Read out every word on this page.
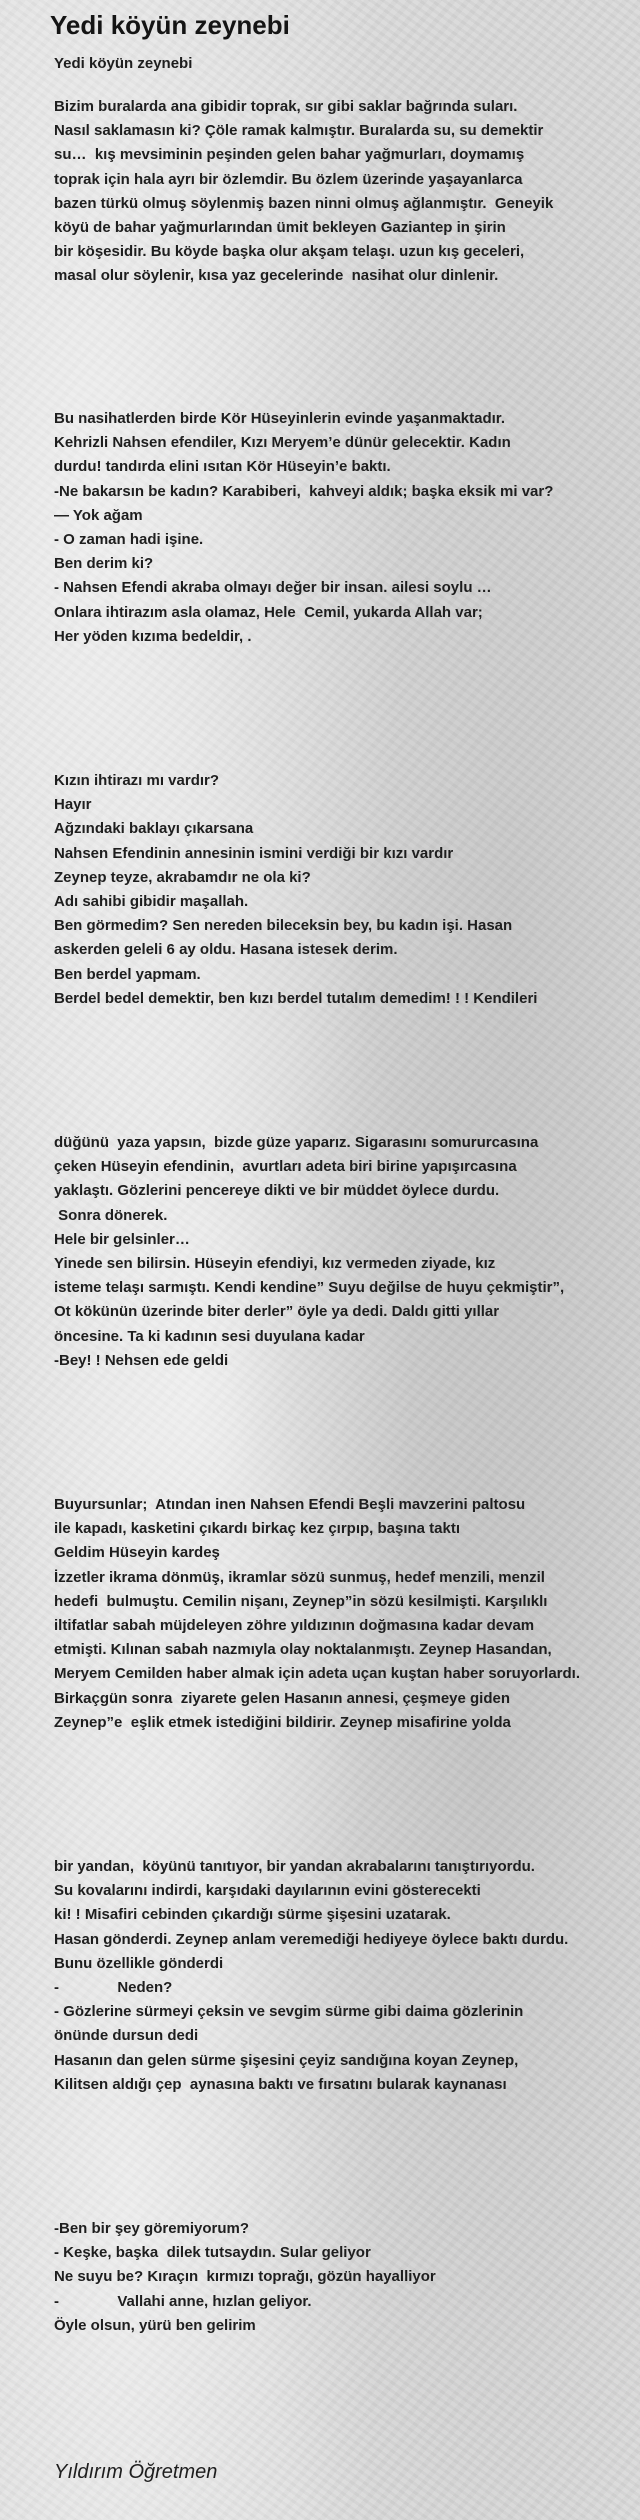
Yedi köyün zeynebi
Yedi köyün zeynebi
Bizim buralarda ana gibidir toprak, sır gibi saklar bağrında suları.
Nasıl saklamasın ki? Çöle ramak kalmıştır. Buralarda su, su demektir
su…  kış mevsiminin peşinden gelen bahar yağmurları, doymamış
toprak için hala ayrı bir özlemdir. Bu özlem üzerinde yaşayanlarca
bazen türkü olmuş söylenmiş bazen ninni olmuş ağlanmıştır.  Geneyik
köyü de bahar yağmurlarından ümit bekleyen Gaziantep in şirin
bir köşesidir. Bu köyde başka olur akşam telaşı. uzun kış geceleri,
masal olur söylenir, kısa yaz gecelerinde  nasihat olur dinlenir.
Bu nasihatlerden birde Kör Hüseyinlerin evinde yaşanmaktadır.
Kehrizli Nahsen efendiler, Kızı Meryem’e dünür gelecektir. Kadın
durdu! tandırda elini ısıtan Kör Hüseyin’e baktı.
-Ne bakarsın be kadın? Karabiberi,  kahveyi aldık; başka eksik mi var?
— Yok ağam
- O zaman hadi işine.
Ben derim ki?
- Nahsen Efendi akraba olmayı değer bir insan. ailesi soylu …
Onlara ihtirazım asla olamaz, Hele  Cemil, yukarda Allah var;
Her yöden kızıma bedeldir, .
Kızın ihtirazı mı vardır?
Hayır
Ağzındaki baklayı çıkarsana
Nahsen Efendinin annesinin ismini verdiği bir kızı vardır
Zeynep teyze, akrabamdır ne ola ki?
Adı sahibi gibidir maşallah.
Ben görmedim? Sen nereden bileceksin bey, bu kadın işi. Hasan
askerden geleli 6 ay oldu. Hasana istesek derim.
Ben berdel yapmam.
Berdel bedel demektir, ben kızı berdel tutalım demedim! ! ! Kendileri
düğünü  yaza yapsın,  bizde güze yaparız. Sigarasını somururcasına
çeken Hüseyin efendinin,  avurtları adeta biri birine yapışırcasına
yaklaştı. Gözlerini pencereye dikti ve bir müddet öylece durdu.
Sonra dönerek.
Hele bir gelsinler…
Yinede sen bilirsin. Hüseyin efendiyi, kız vermeden ziyade, kız
isteme telaşı sarmıştı. Kendi kendine” Suyu değilse de huyu çekmiştir”,
Ot kökünün üzerinde biter derler” öyle ya dedi. Daldı gitti yıllar
öncesine. Ta ki kadının sesi duyulana kadar
-Bey! ! Nehsen ede geldi
Buyursunlar;  Atından inen Nahsen Efendi Beşli mavzerini paltosu
ile kapadı, kasketini çıkardı birkaç kez çırpıp, başına taktı
Geldim Hüseyin kardeş
İzzetler ikrama dönmüş, ikramlar sözü sunmuş, hedef menzili, menzil
hedefi  bulmuştu. Cemilin nişanı, Zeynep”in sözü kesilmişti. Karşılıklı
iltifatlar sabah müjdeleyen zöhre yıldızının doğmasına kadar devam
etmişti. Kılınan sabah nazmıyla olay noktalanmıştı. Zeynep Hasandan,
Meryem Cemilden haber almak için adeta uçan kuştan haber soruyorlardı.
Birkaçgün sonra  ziyarete gelen Hasanın annesi, çeşmeye giden
Zeynep”e  eşlik etmek istediğini bildirir. Zeynep misafirine yolda
bir yandan,  köyünü tanıtıyor, bir yandan akrabalarını tanıştırıyordu.
Su kovalarını indirdi, karşıdaki dayılarının evini gösterecekti
ki! ! Misafiri cebinden çıkardığı sürme şişesini uzatarak.
Hasan gönderdi. Zeynep anlam veremediği hediyeye öylece baktı durdu.
Bunu özellikle gönderdi
-              Neden?
- Gözlerine sürmeyi çeksin ve sevgim sürme gibi daima gözlerinin
önünde dursun dedi
Hasanın dan gelen sürme şişesini çeyiz sandığına koyan Zeynep,
Kilitsen aldığı çep  aynasına baktı ve fırsatını bularak kaynanası
-Ben bir şey göremiyorum?
- Keşke, başka  dilek tutsaydın. Sular geliyor
Ne suyu be? Kıraçın  kırmızı toprağı, gözün hayalliyor
-              Vallahi anne, hızlan geliyor.
Öyle olsun, yürü ben gelirim
Yıldırım Öğretmen
